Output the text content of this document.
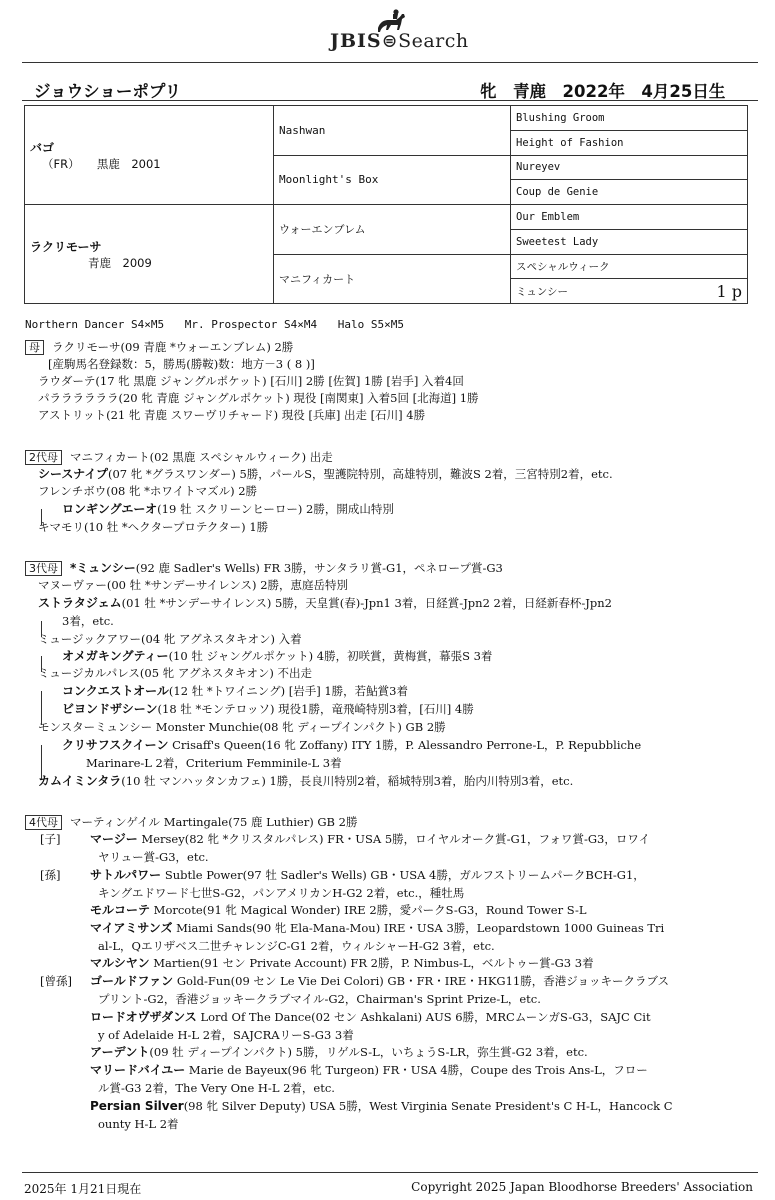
JBIS⊜Search
ジョウショーポプリ	牝　青鹿　2022年　4月25日生
バゴ
（FR）　　黒鹿　2001	Nashwan	Blushing Groom
		Height of Fashion
	Moonlight's Box	Nureyev
		Coup de Genie

ラクリモーサ
　　　　青鹿　2009	ウォーエンブレム	Our Emblem
		Sweetest Lady
	マニフィカート	スペシャルウィーク
		ミュンシー 1 p
Northern Dancer S4×M5 Mr. Prospector S4×M4 Halo S5×M5
母 ラクリモーサ(09 青鹿 *ウォーエンブレム) 2勝
[産駒馬名登録数：5，勝馬(勝鞍)数：地方－3 ( 8 )]
ラウダーテ(17 牝 黒鹿 ジャングルポケット) [石川] 2勝 [佐賀] 1勝 [岩手] 入着4回
パララララララ(20 牝 青鹿 ジャングルポケット) 現役 [南関東] 入着5回 [北海道] 1勝
アストリット(21 牝 青鹿 スワーヴリチャード) 現役 [兵庫] 出走 [石川] 4勝
2代母 マニフィカート(02 黒鹿 スペシャルウィーク) 出走
シースナイプ(07 牝 *グラスワンダー) 5勝，パールS，聖護院特別，高雄特別，難波S 2着，三宮特別2着，etc.
フレンチボウ(08 牝 *ホワイトマズル) 2勝
ロンギングエーオ(19 牡 スクリーンヒーロー) 2勝，開成山特別
キマモリ(10 牡 *ヘクタープロテクター) 1勝
3代母 *ミュンシー(92 鹿 Sadler's Wells) FR 3勝，サンタラリ賞-G1，ペネロープ賞-G3
マヌーヴァー(00 牡 *サンデーサイレンス) 2勝，恵庭岳特別
ストラタジェム(01 牡 *サンデーサイレンス) 5勝，天皇賞(春)-Jpn1 3着，日経賞-Jpn2 2着，日経新春杯-Jpn2
3着，etc.
ミュージックアワー(04 牝 アグネスタキオン) 入着
オメガキングティー(10 牡 ジャングルポケット) 4勝，初咲賞，黄梅賞，幕張S 3着
ミュージカルパレス(05 牝 アグネスタキオン) 不出走
コンクエストオール(12 牡 *トワイニング) [岩手] 1勝，若鮎賞3着
ビヨンドザシーン(18 牡 *モンテロッソ) 現役1勝，竜飛崎特別3着，[石川] 4勝
モンスターミュンシー Monster Munchie(08 牝 ディープインパクト) GB 2勝
クリサフスクイーン Crisaff's Queen(16 牝 Zoffany) ITY 1勝，P. Alessandro Perrone-L，P. Repubbliche
Marinare-L 2着，Criterium Femminile-L 3着
カムイミンタラ(10 牡 マンハッタンカフェ) 1勝，長良川特別2着，稲城特別3着，胎内川特別3着，etc.
4代母 マーティンゲイル Martingale(75 鹿 Luthier) GB 2勝
[子] マージー Mersey(82 牝 *クリスタルパレス) FR・USA 5勝，ロイヤルオーク賞-G1，フォワ賞-G3，ロワイ
ヤリュー賞-G3，etc.
[孫] サトルパワー Subtle Power(97 牡 Sadler's Wells) GB・USA 4勝，ガルフストリームパークBCH-G1，
キングエドワード七世S-G2，パンアメリカンH-G2 2着，etc.，種牡馬
モルコーテ Morcote(91 牝 Magical Wonder) IRE 2勝，愛パークS-G3，Round Tower S-L
マイアミサンズ Miami Sands(90 牝 Ela-Mana-Mou) IRE・USA 3勝，Leopardstown 1000 Guineas Tri
al-L，Qエリザベス二世チャレンジC-G1 2着，ウィルシャーH-G2 3着，etc.
マルシヤン Martien(91 セン Private Account) FR 2勝，P. Nimbus-L，ベルトゥー賞-G3 3着
[曾孫] ゴールドファン Gold-Fun(09 セン Le Vie Dei Colori) GB・FR・IRE・HKG11勝，香港ジョッキークラブス
プリント-G2，香港ジョッキークラブマイル-G2，Chairman's Sprint Prize-L，etc.
ロードオヴザダンス Lord Of The Dance(02 セン Ashkalani) AUS 6勝，MRCムーンガS-G3，SAJC Cit
y of Adelaide H-L 2着，SAJCRAリーS-G3 3着
アーデント(09 牡 ディープインパクト) 5勝，リゲルS-L，いちょうS-LR，弥生賞-G2 3着，etc.
マリードバイユー Marie de Bayeux(96 牝 Turgeon) FR・USA 4勝，Coupe des Trois Ans-L，フロー
ル賞-G3 2着，The Very One H-L 2着，etc.
Persian Silver(98 牝 Silver Deputy) USA 5勝，West Virginia Senate President's C H-L，Hancock C
ounty H-L 2着
2025年 1月21日現在	Copyright 2025 Japan Bloodhorse Breeders' Association
